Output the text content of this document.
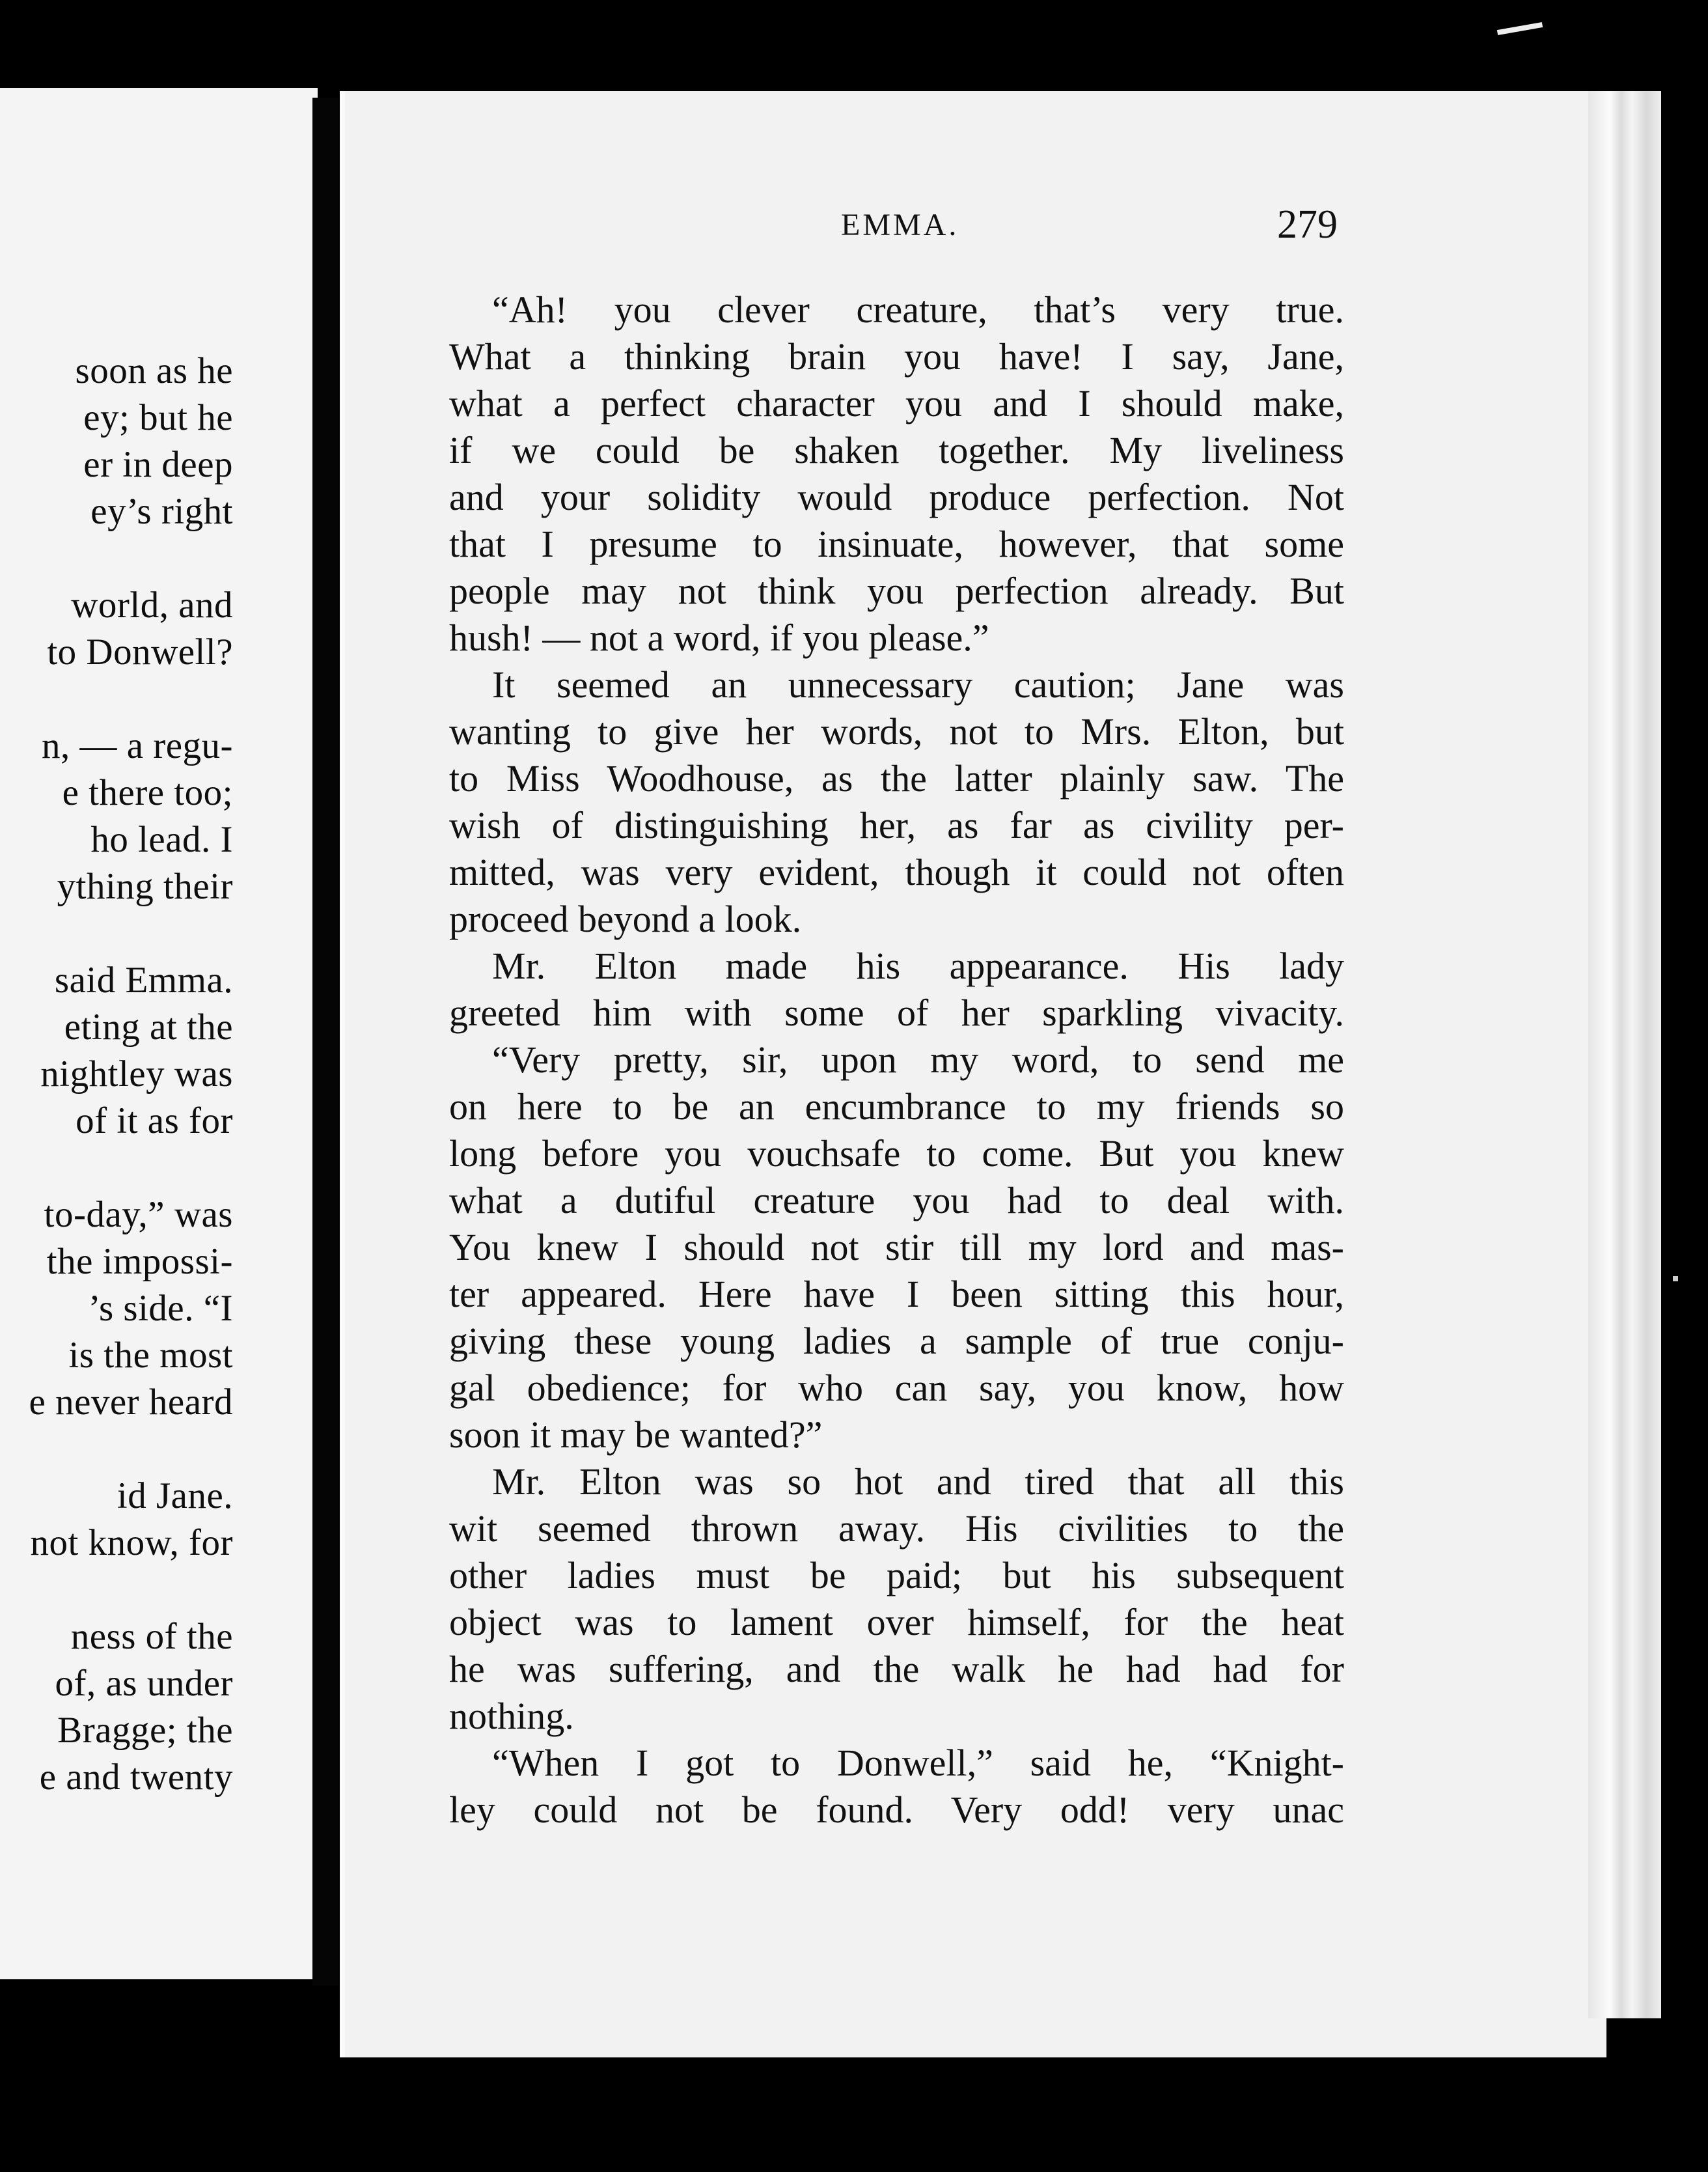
soon as he
ey; but he
er in deep
ey’s right
world, and
to Donwell?
n, — a regu-
e there too;
ho lead. I
ything their
said Emma.
eting at the
nightley was
of it as for
to-day,” was
the impossi-
’s side. “I
is the most
e never heard
id Jane.
not know, for
ness of the
of, as under
Bragge; the
e and twenty
EMMA.	279
“Ah! you clever creature, that’s very true.
What a thinking brain you have! I say, Jane,
what a perfect character you and I should make,
if we could be shaken together. My liveliness
and your solidity would produce perfection. Not
that I presume to insinuate, however, that some
people may not think you perfection already. But
hush! — not a word, if you please.”
It seemed an unnecessary caution; Jane was
wanting to give her words, not to Mrs. Elton, but
to Miss Woodhouse, as the latter plainly saw. The
wish of distinguishing her, as far as civility per-
mitted, was very evident, though it could not often
proceed beyond a look.
Mr. Elton made his appearance. His lady
greeted him with some of her sparkling vivacity.
“Very pretty, sir, upon my word, to send me
on here to be an encumbrance to my friends so
long before you vouchsafe to come. But you knew
what a dutiful creature you had to deal with.
You knew I should not stir till my lord and mas-
ter appeared. Here have I been sitting this hour,
giving these young ladies a sample of true conju-
gal obedience; for who can say, you know, how
soon it may be wanted?”
Mr. Elton was so hot and tired that all this
wit seemed thrown away. His civilities to the
other ladies must be paid; but his subsequent
object was to lament over himself, for the heat
he was suffering, and the walk he had had for
nothing.
“When I got to Donwell,” said he, “Knight-
ley could not be found. Very odd! very unac
